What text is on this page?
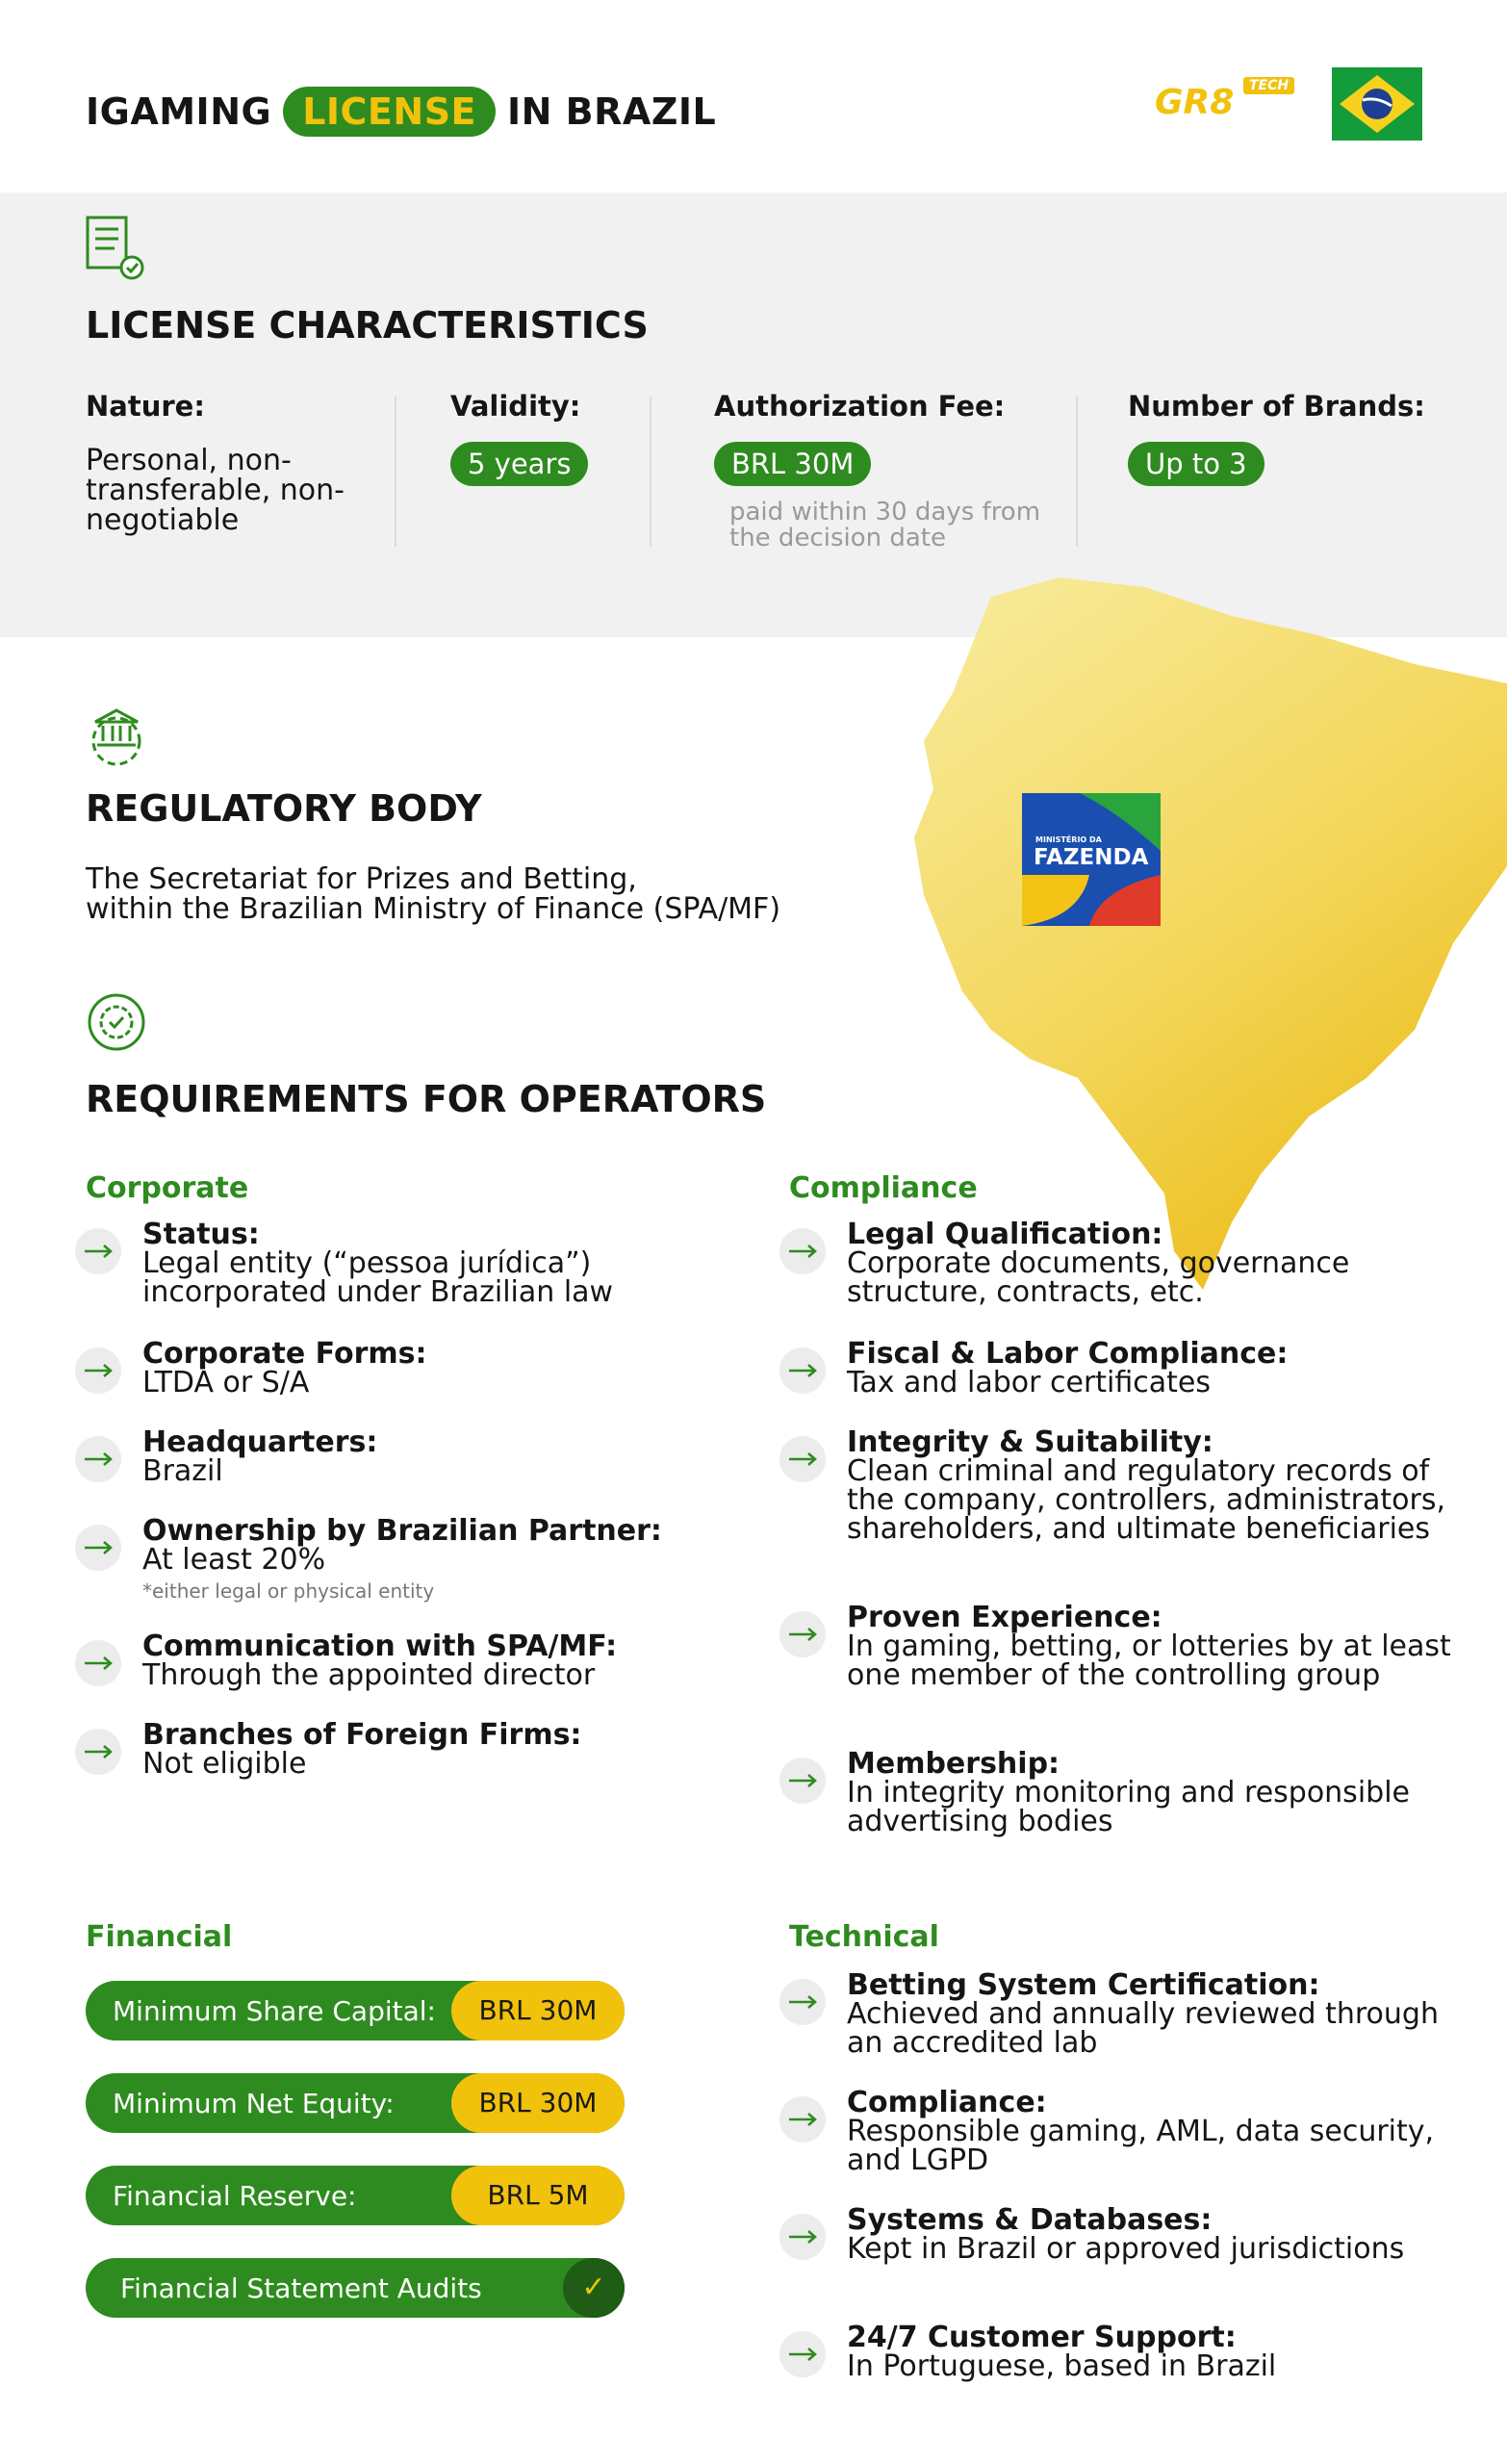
IGAMING LICENSE IN BRAZIL	GR8	TECH
LICENSE CHARACTERISTICS
Nature:
Personal, non-transferable, non-negotiable
Validity:
5 years
Authorization Fee:
BRL 30M
paid within 30 days from the decision date
Number of Brands:
Up to 3
REGULATORY BODY
The Secretariat for Prizes and Betting,
within the Brazilian Ministry of Finance (SPA/MF)
MINISTÉRIO DA
FAZENDA
REQUIREMENTS FOR OPERATORS
Corporate	Compliance
Status:
Legal entity (“pessoa jurídica”) incorporated under Brazilian law
Corporate Forms:
LTDA or S/A
Headquarters:
Brazil
Ownership by Brazilian Partner:
At least 20%
*either legal or physical entity
Communication with SPA/MF:
Through the appointed director
Branches of Foreign Firms:
Not eligible
Legal Qualification:
Corporate documents, governance structure, contracts, etc.
Fiscal & Labor Compliance:
Tax and labor certificates
Integrity & Suitability:
Clean criminal and regulatory records of the company, controllers, administrators, shareholders, and ultimate beneficiaries
Proven Experience:
In gaming, betting, or lotteries by at least one member of the controlling group
Membership:
In integrity monitoring and responsible advertising bodies
Betting System Certification:
Achieved and annually reviewed through an accredited lab
Compliance:
Responsible gaming, AML, data security, and LGPD
Systems & Databases:
Kept in Brazil or approved jurisdictions
24/7 Customer Support:
In Portuguese, based in Brazil
Financial	Technical
Minimum Share Capital:	BRL 30M
Minimum Net Equity:	BRL 30M
Financial Reserve:	BRL 5M
Financial Statement Audits	✓
